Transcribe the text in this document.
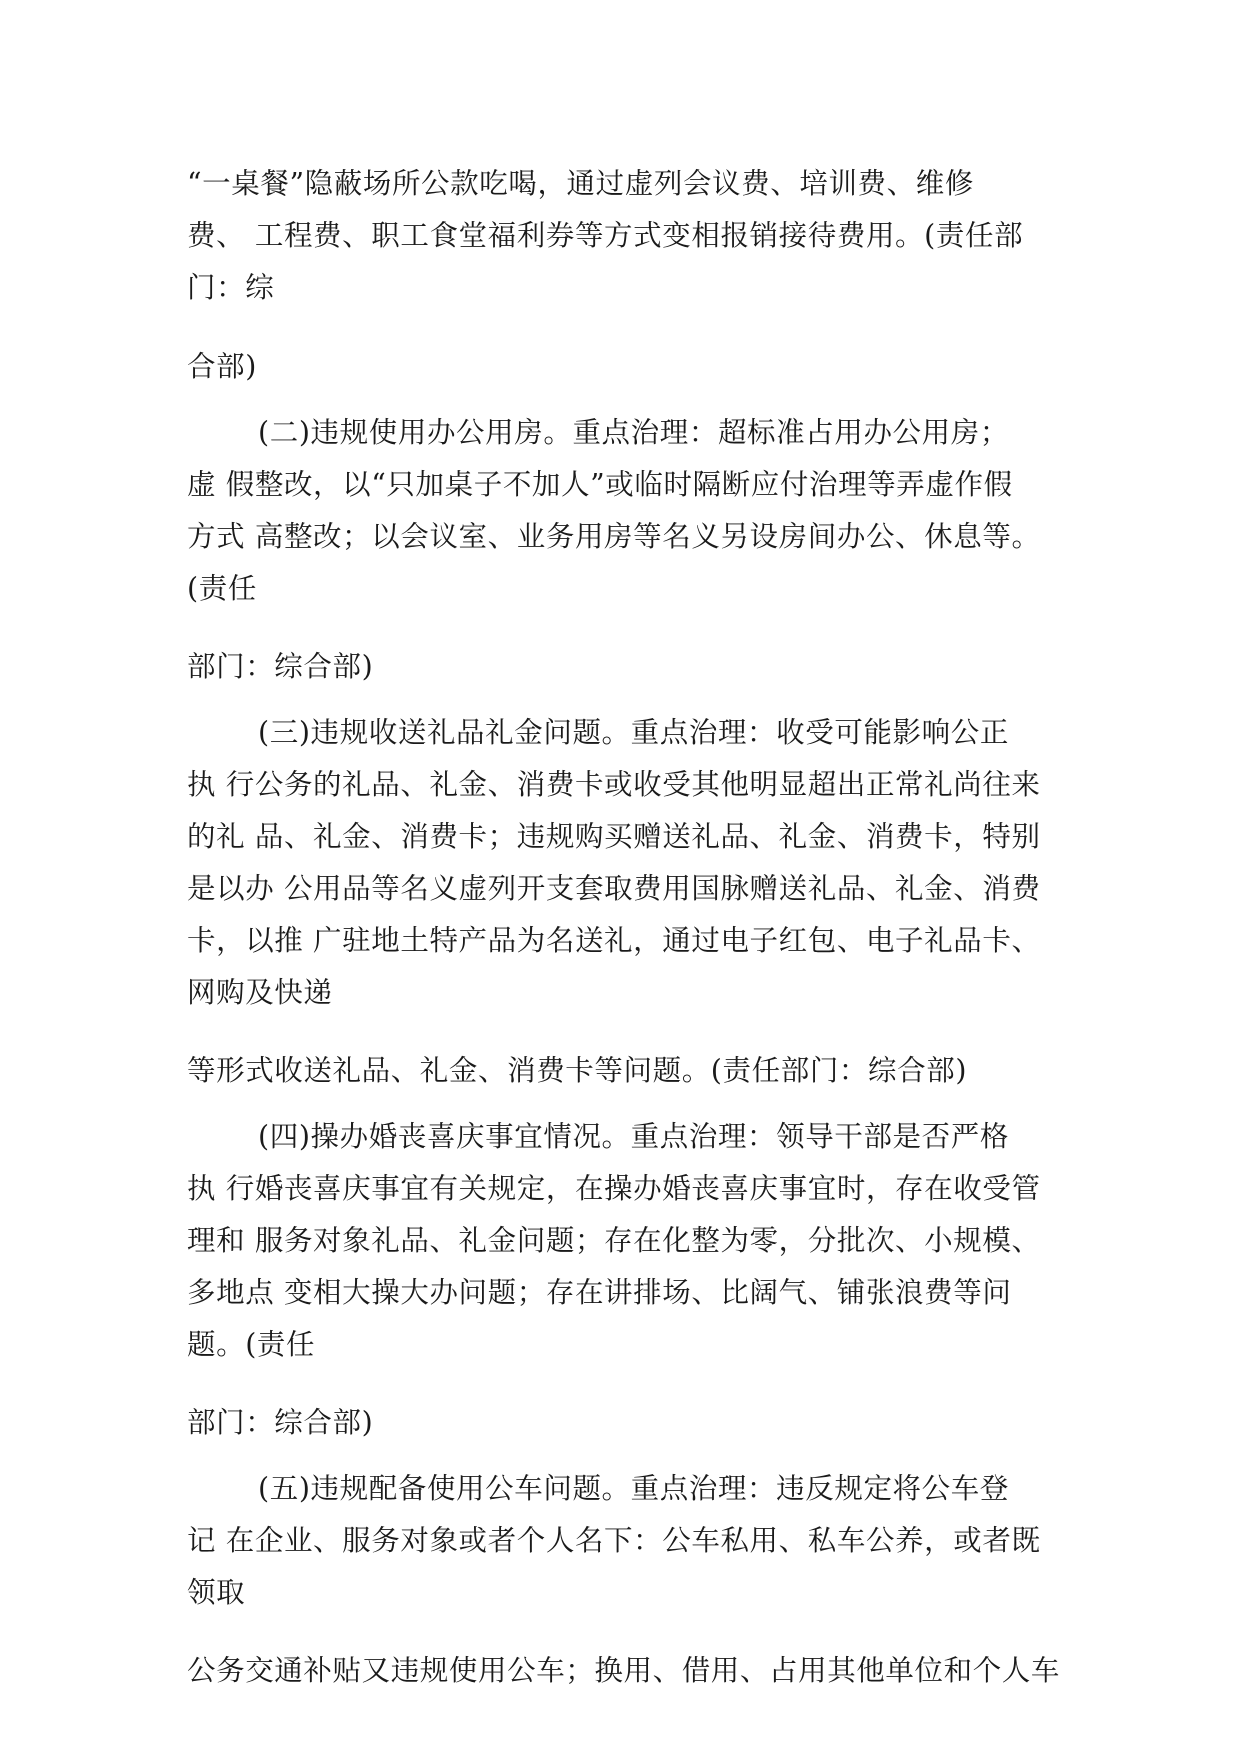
“一桌餐”隐蔽场所公款吃喝，通过虚列会议费、培训费、维修

费、 工程费、职工食堂福利券等方式变相报销接待费用。(责任部

门：综

合部)

(二)违规使用办公用房。重点治理：超标准占用办公用房；

虚 假整改，以“只加桌子不加人”或临时隔断应付治理等弄虚作假

方式 高整改；以会议室、业务用房等名义另设房间办公、休息等。

(责任

部门：综合部)

(三)违规收送礼品礼金问题。重点治理：收受可能影响公正

执 行公务的礼品、礼金、消费卡或收受其他明显超出正常礼尚往来

的礼 品、礼金、消费卡；违规购买赠送礼品、礼金、消费卡，特别

是以办 公用品等名义虚列开支套取费用国脉赠送礼品、礼金、消费

卡，以推 广驻地土特产品为名送礼，通过电子红包、电子礼品卡、

网购及快递

等形式收送礼品、礼金、消费卡等问题。(责任部门：综合部)

(四)操办婚丧喜庆事宜情况。重点治理：领导干部是否严格

执 行婚丧喜庆事宜有关规定，在操办婚丧喜庆事宜时，存在收受管

理和 服务对象礼品、礼金问题；存在化整为零，分批次、小规模、

多地点 变相大操大办问题；存在讲排场、比阔气、铺张浪费等问

题。(责任

部门：综合部)

(五)违规配备使用公车问题。重点治理：违反规定将公车登

记 在企业、服务对象或者个人名下：公车私用、私车公养，或者既

领取

公务交通补贴又违规使用公车；换用、借用、占用其他单位和个人车
